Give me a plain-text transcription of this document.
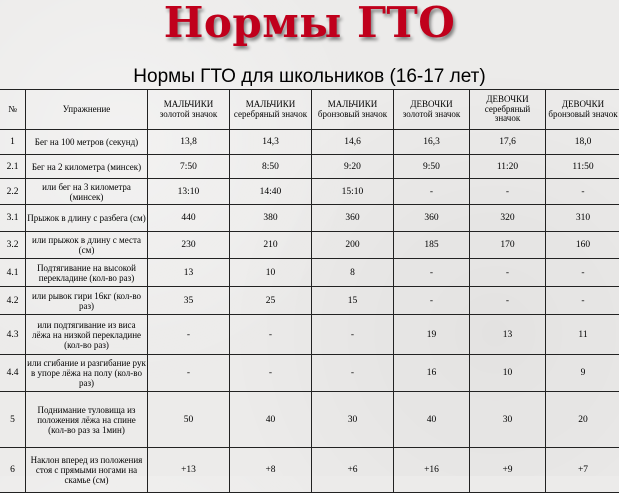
Нормы ГТО

Нормы ГТО для школьников (16-17 лет)

№	Упражнение	МАЛЬЧИКИ золотой значок	МАЛЬЧИКИ серебряный значок	МАЛЬЧИКИ бронзовый значок	ДЕВОЧКИ золотой значок	ДЕВОЧКИ серебряный значок	ДЕВОЧКИ бронзовый значок
1	Бег на 100 метров (секунд)	13,8	14,3	14,6	16,3	17,6	18,0
2.1	Бег на 2 километра (минсек)	7:50	8:50	9:20	9:50	11:20	11:50
2.2	или бег на 3 километра (минсек)	13:10	14:40	15:10	-	-	-
3.1	Прыжок в длину с разбега (см)	440	380	360	360	320	310
3.2	или прыжок в длину с места (см)	230	210	200	185	170	160
4.1	Подтягивание на высокой перекладине (кол-во раз)	13	10	8	-	-	-
4.2	или рывок гири 16кг (кол-во раз)	35	25	15	-	-	-
4.3	или подтягивание из виса лёжа на низкой перекладине (кол-во раз)	-	-	-	19	13	11
4.4	или сгибание и разгибание рук в упоре лёжа на полу (кол-во раз)	-	-	-	16	10	9
5	Поднимание туловища из положения лёжа на спине (кол-во раз за 1мин)	50	40	30	40	30	20
6	Наклон вперед из положения стоя с прямыми ногами на скамье (см)	+13	+8	+6	+16	+9	+7
